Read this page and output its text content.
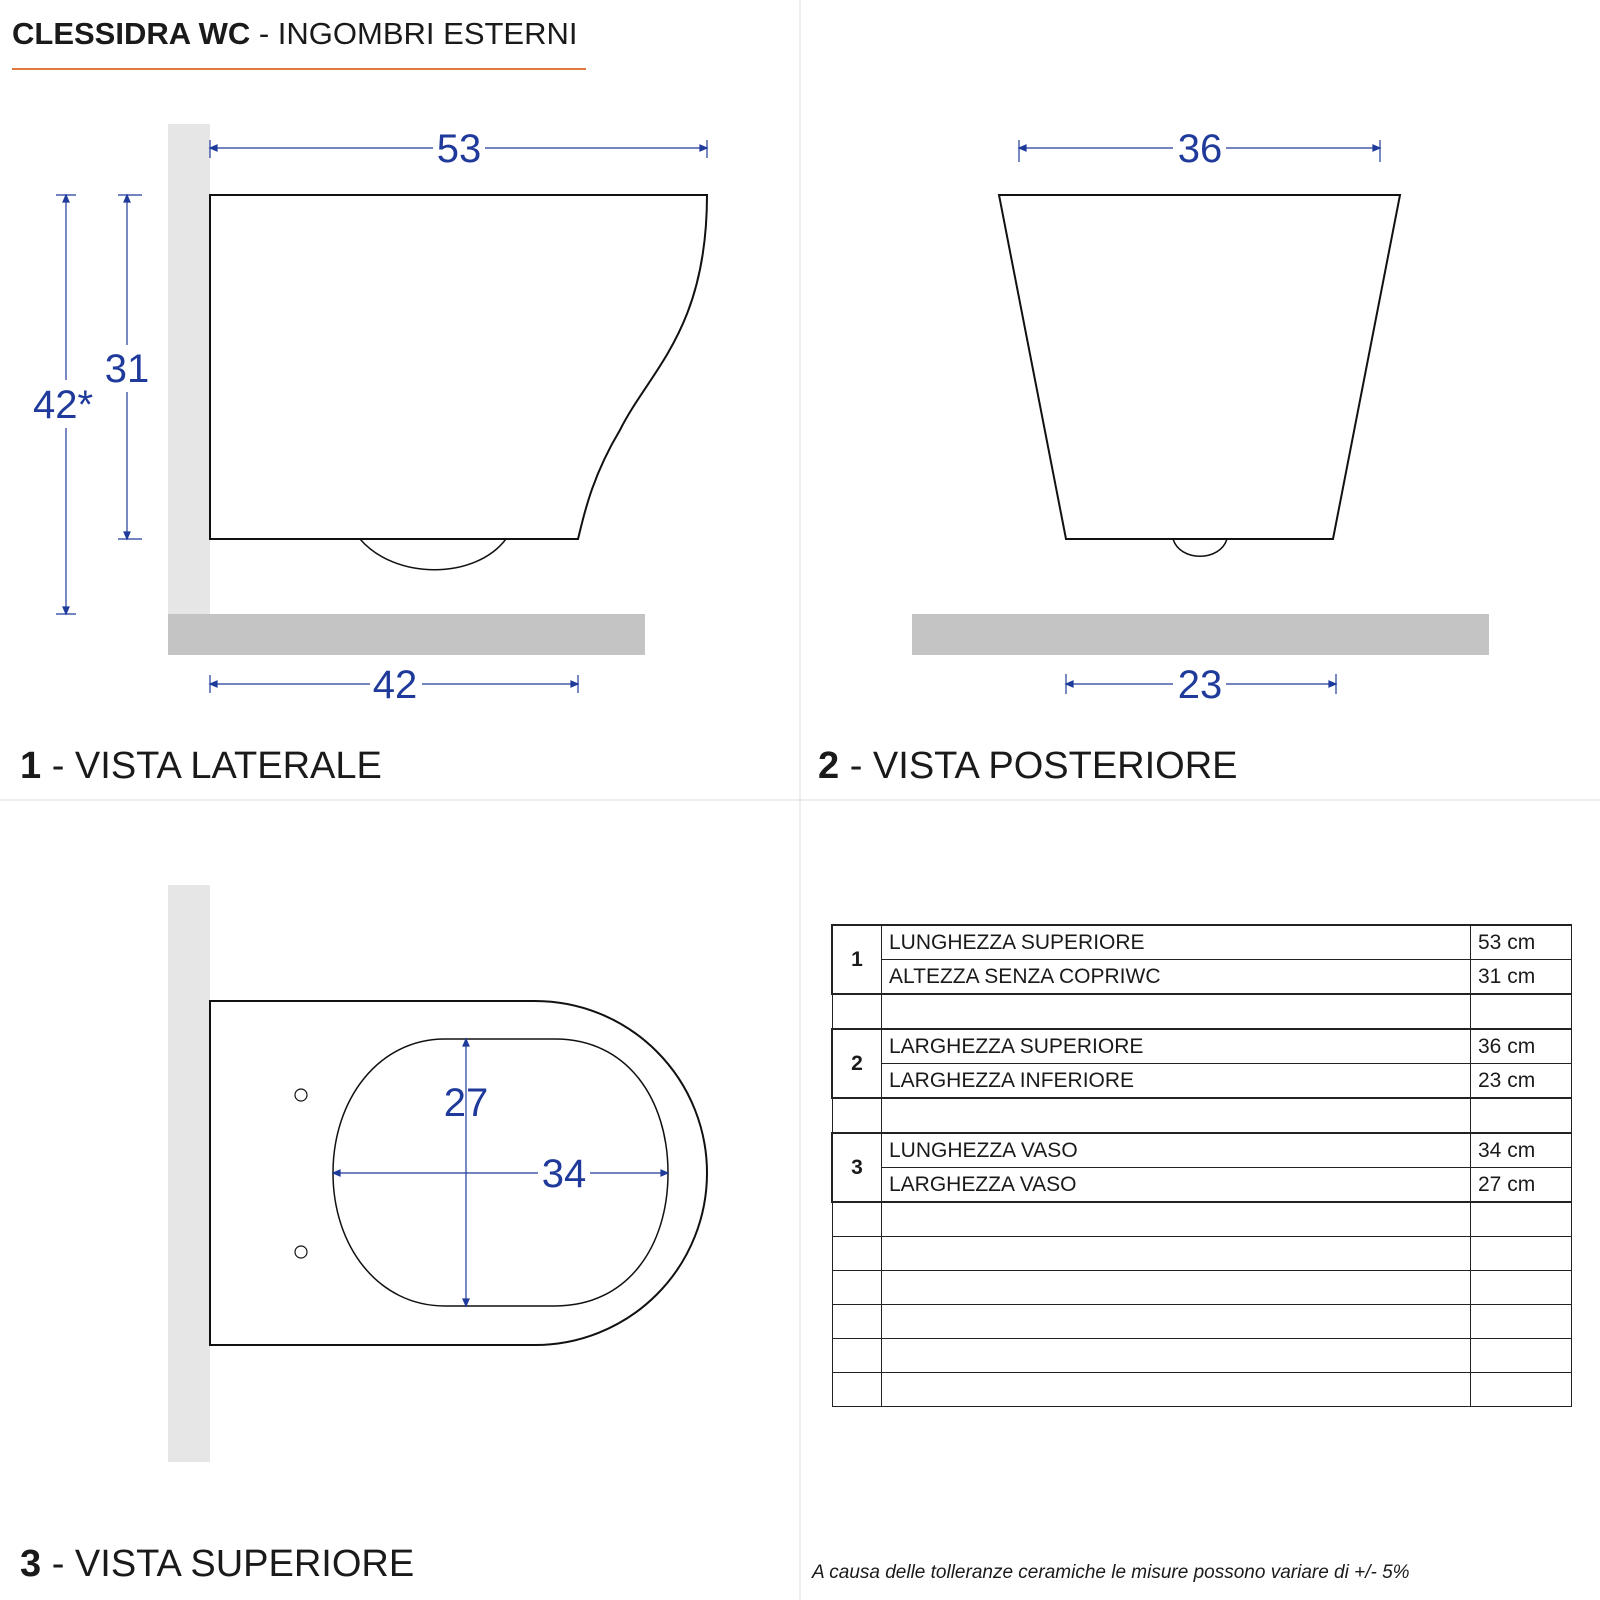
53
42
31
42*
36
23
27
34
CLESSIDRA WC - INGOMBRI ESTERNI
1 - VISTA LATERALE	2 - VISTA POSTERIORE
3 - VISTA SUPERIORE
1	LUNGHEZZA SUPERIORE	53 cm
	ALTEZZA SENZA COPRIWC	31 cm

2	LARGHEZZA SUPERIORE	36 cm
	LARGHEZZA INFERIORE	23 cm

3	LUNGHEZZA VASO	34 cm
	LARGHEZZA VASO	27 cm

A causa delle tolleranze ceramiche le misure possono variare di +/- 5%
